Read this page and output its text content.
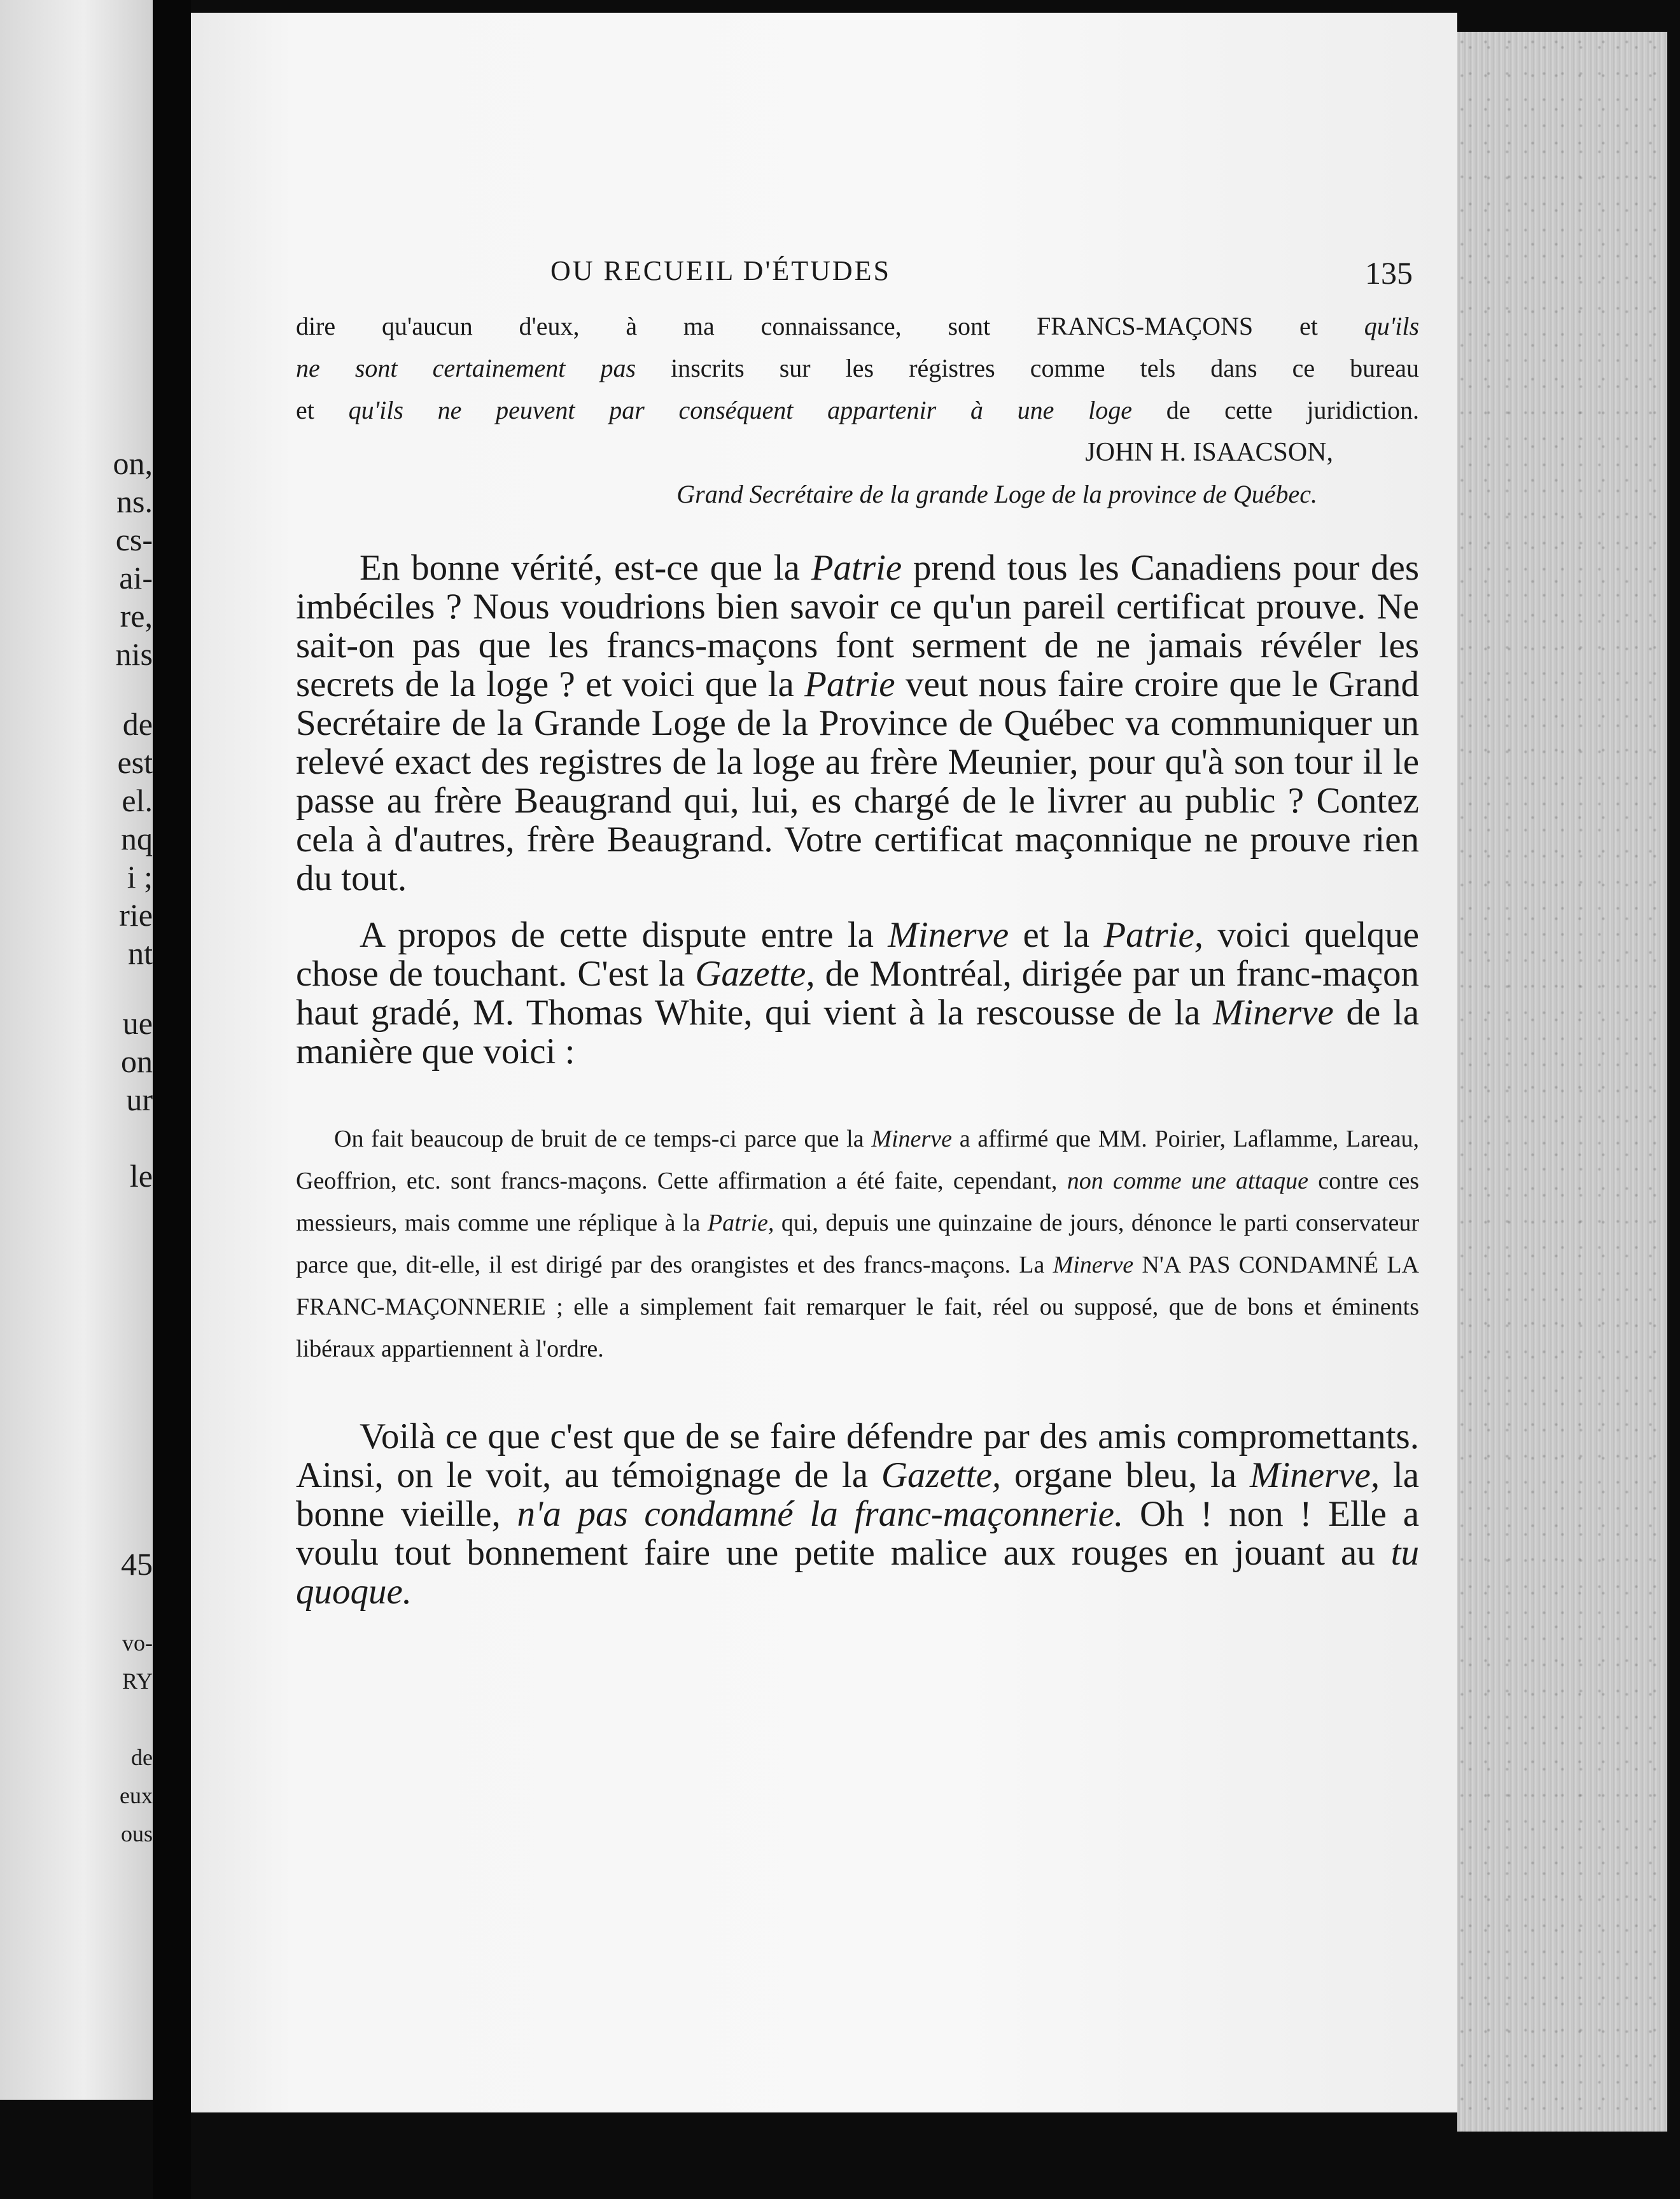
on,
ns.
cs-
ai-
re,
nis
de
est
el.
nq
i ;
rie
nt
ue
on
ur
le
45
vo-
RY
de
eux
ous
OU RECUEIL D'ÉTUDES	135
dire qu'aucun d'eux, à ma connaissance, sont FRANCS-MAÇONS et qu'ils
ne sont certainement pas inscrits sur les régistres comme tels dans ce bureau
et qu'ils ne peuvent par conséquent appartenir à une loge de cette juridiction.
JOHN H. ISAACSON,
Grand Secrétaire de la grande Loge de la province de Québec.

En bonne vérité, est-ce que la Patrie prend tous les Canadiens pour des imbéciles ? Nous voudrions bien savoir ce qu'un pareil certificat prouve. Ne sait-on pas que les francs-maçons font serment de ne jamais révéler les secrets de la loge ? et voici que la Patrie veut nous faire croire que le Grand Secrétaire de la Grande Loge de la Province de Québec va communiquer un relevé exact des registres de la loge au frère Meunier, pour qu'à son tour il le passe au frère Beaugrand qui, lui, es chargé de le livrer au public ? Contez cela à d'autres, frère Beaugrand. Votre certificat maçonnique ne prouve rien du tout.

A propos de cette dispute entre la Minerve et la Patrie, voici quelque chose de touchant. C'est la Gazette, de Montréal, dirigée par un franc-maçon haut gradé, M. Thomas White, qui vient à la rescousse de la Minerve de la manière que voici :

On fait beaucoup de bruit de ce temps-ci parce que la Minerve a affirmé que MM. Poirier, Laflamme, Lareau, Geoffrion, etc. sont francs-maçons. Cette affirmation a été faite, cependant, non comme une attaque contre ces messieurs, mais comme une réplique à la Patrie, qui, depuis une quinzaine de jours, dénonce le parti conservateur parce que, dit-elle, il est dirigé par des orangistes et des francs-maçons. La Minerve N'A PAS CONDAMNÉ LA FRANC-MAÇONNERIE ; elle a simplement fait remarquer le fait, réel ou supposé, que de bons et éminents libéraux appartiennent à l'ordre.

Voilà ce que c'est que de se faire défendre par des amis compromettants. Ainsi, on le voit, au témoignage de la Gazette, organe bleu, la Minerve, la bonne vieille, n'a pas condamné la franc-maçonnerie. Oh ! non ! Elle a voulu tout bonnement faire une petite malice aux rouges en jouant au tu quoque.
